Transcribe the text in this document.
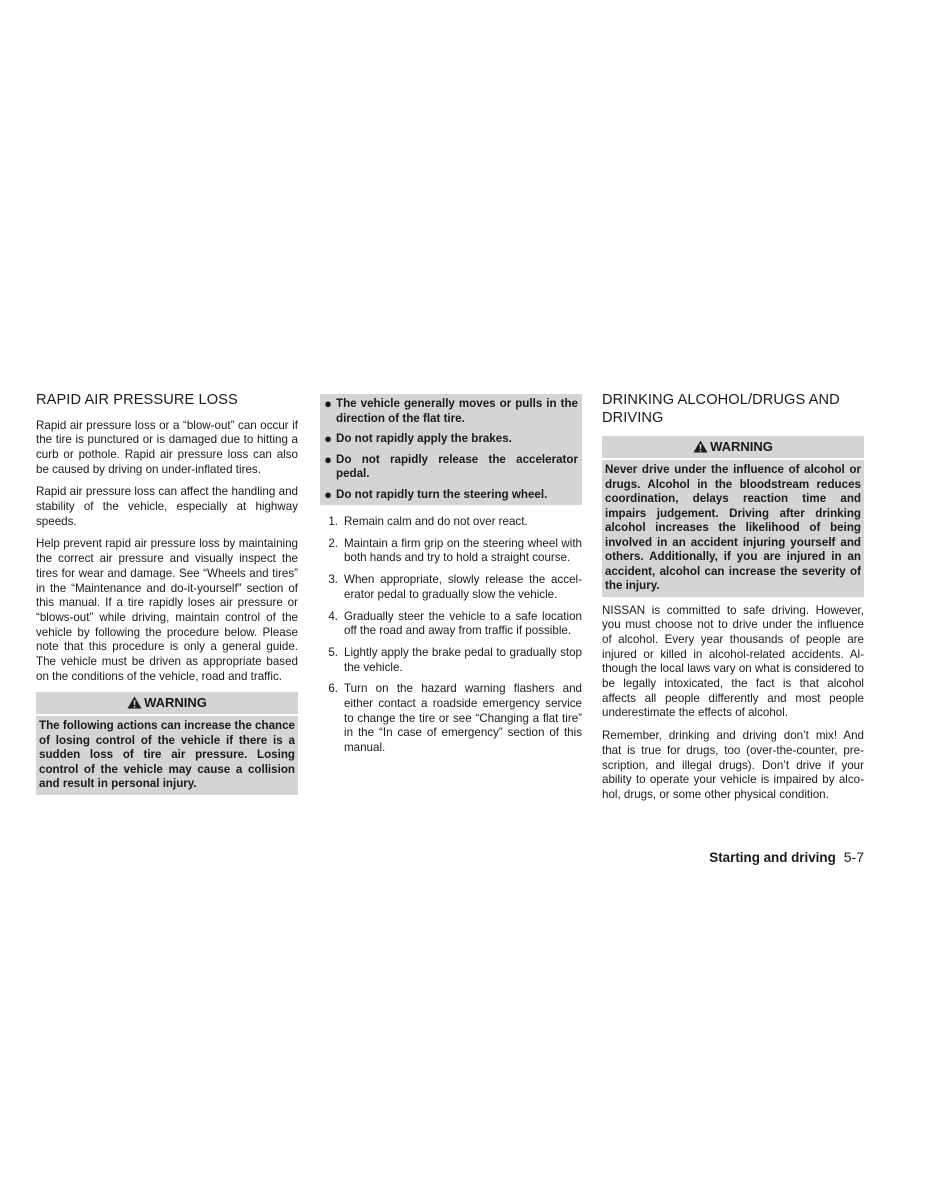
RAPID AIR PRESSURE LOSS

Rapid air pressure loss or a “blow-out” can occur if the tire is punctured or is damaged due to hitting a curb or pothole. Rapid air pressure loss can also be caused by driving on under-inflated tires.

Rapid air pressure loss can affect the handling and stability of the vehicle, especially at highway speeds.

Help prevent rapid air pressure loss by maintaining the correct air pressure and visually inspect the tires for wear and damage. See “Wheels and tires” in the “Maintenance and do-it-yourself” section of this manual. If a tire rapidly loses air pressure or “blows-out” while driving, maintain control of the vehicle by following the procedure below. Please note that this procedure is only a general guide. The vehicle must be driven as appropriate based on the conditions of the vehicle, road and traffic.

WARNING
The following actions can increase the chance of losing control of the vehicle if there is a sudden loss of tire air pressure. Losing control of the vehicle may cause a collision and result in personal injury.
● The vehicle generally moves or pulls in the direction of the flat tire.
● Do not rapidly apply the brakes.
● Do not rapidly release the accelerator pedal.
● Do not rapidly turn the steering wheel.
1. Remain calm and do not over react.
2. Maintain a firm grip on the steering wheel with both hands and try to hold a straight course.
3. When appropriate, slowly release the accelerator pedal to gradually slow the vehicle.
4. Gradually steer the vehicle to a safe location off the road and away from traffic if possible.
5. Lightly apply the brake pedal to gradually stop the vehicle.
6. Turn on the hazard warning flashers and either contact a roadside emergency service to change the tire or see “Changing a flat tire” in the “In case of emergency” section of this manual.
DRINKING ALCOHOL/DRUGS AND DRIVING
WARNING
Never drive under the influence of alcohol or drugs. Alcohol in the bloodstream reduces coordination, delays reaction time and impairs judgement. Driving after drinking alcohol increases the likelihood of being involved in an accident injuring yourself and others. Additionally, if you are injured in an accident, alcohol can increase the severity of the injury.

NISSAN is committed to safe driving. However, you must choose not to drive under the influence of alcohol. Every year thousands of people are injured or killed in alcohol-related accidents. Although the local laws vary on what is considered to be legally intoxicated, the fact is that alcohol affects all people differently and most people underestimate the effects of alcohol.

Remember, drinking and driving don’t mix! And that is true for drugs, too (over-the-counter, prescription, and illegal drugs). Don’t drive if your ability to operate your vehicle is impaired by alcohol, drugs, or some other physical condition.

Starting and driving 5-7
